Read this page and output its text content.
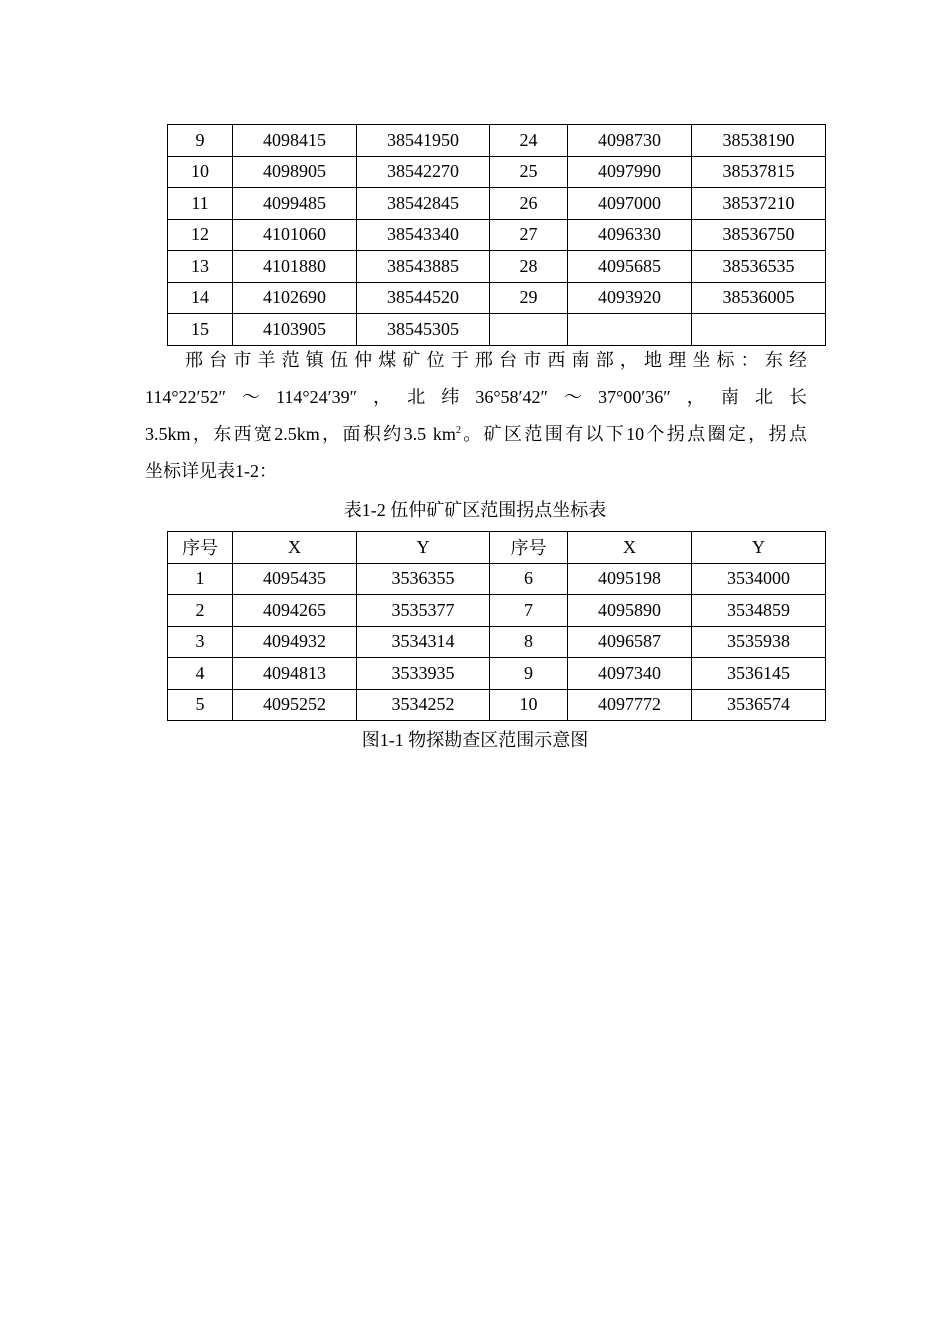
9	4098415	38541950	24	4098730	38538190
10	4098905	38542270	25	4097990	38537815
11	4099485	38542845	26	4097000	38537210
12	4101060	38543340	27	4096330	38536750
13	4101880	38543885	28	4095685	38536535
14	4102690	38544520	29	4093920	38536005
15	4103905	38545305			
邢台市羊范镇伍仲煤矿位于邢台市西南部，地理坐标：东经
114°22′52″～114°24′39″，北纬36°58′42″～37°00′36″，南北长
3.5km，东西宽2.5km，面积约3.5 $km^2$。矿区范围有以下10个拐点圈定，拐点
坐标详见表1-2：
表1-2 伍仲矿矿区范围拐点坐标表
序号	X	Y	序号	X	Y
1	4095435	3536355	6	4095198	3534000
2	4094265	3535377	7	4095890	3534859
3	4094932	3534314	8	4096587	3535938
4	4094813	3533935	9	4097340	3536145
5	4095252	3534252	10	4097772	3536574
图1-1 物探勘查区范围示意图
